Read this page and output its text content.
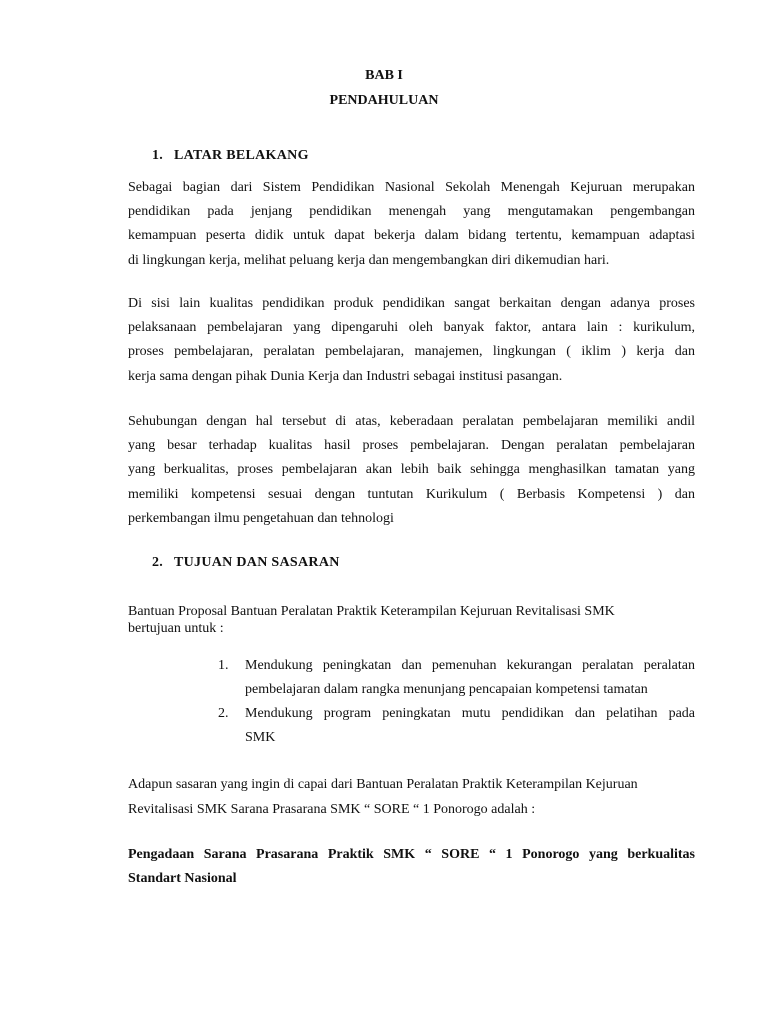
BAB I
PENDAHULUAN
1. LATAR BELAKANG
Sebagai bagian dari Sistem Pendidikan Nasional Sekolah Menengah Kejuruan merupakan
pendidikan pada jenjang pendidikan menengah yang mengutamakan pengembangan
kemampuan peserta didik untuk dapat bekerja dalam bidang tertentu, kemampuan adaptasi
di lingkungan kerja, melihat peluang kerja dan mengembangkan diri dikemudian hari.
Di sisi lain kualitas pendidikan produk pendidikan sangat berkaitan dengan adanya proses
pelaksanaan pembelajaran yang dipengaruhi oleh banyak faktor, antara lain : kurikulum,
proses pembelajaran, peralatan pembelajaran, manajemen, lingkungan ( iklim ) kerja dan
kerja sama dengan pihak Dunia Kerja dan Industri sebagai institusi pasangan.
Sehubungan dengan hal tersebut di atas, keberadaan peralatan pembelajaran memiliki andil
yang besar terhadap kualitas hasil proses pembelajaran. Dengan peralatan pembelajaran
yang berkualitas, proses pembelajaran akan lebih baik sehingga menghasilkan tamatan yang
memiliki kompetensi sesuai dengan tuntutan Kurikulum ( Berbasis Kompetensi ) dan
perkembangan ilmu pengetahuan dan tehnologi
2. TUJUAN DAN SASARAN
Bantuan Proposal Bantuan Peralatan Praktik Keterampilan Kejuruan Revitalisasi SMK
bertujuan untuk :
1. Mendukung peningkatan dan pemenuhan kekurangan peralatan peralatan
pembelajaran dalam rangka menunjang pencapaian kompetensi tamatan
2. Mendukung program peningkatan mutu pendidikan dan pelatihan pada
SMK
Adapun sasaran yang ingin di capai dari Bantuan Peralatan Praktik Keterampilan Kejuruan
Revitalisasi SMK Sarana Prasarana SMK “ SORE “ 1 Ponorogo adalah :
Pengadaan Sarana Prasarana Praktik SMK “ SORE “ 1 Ponorogo yang berkualitas
Standart Nasional
